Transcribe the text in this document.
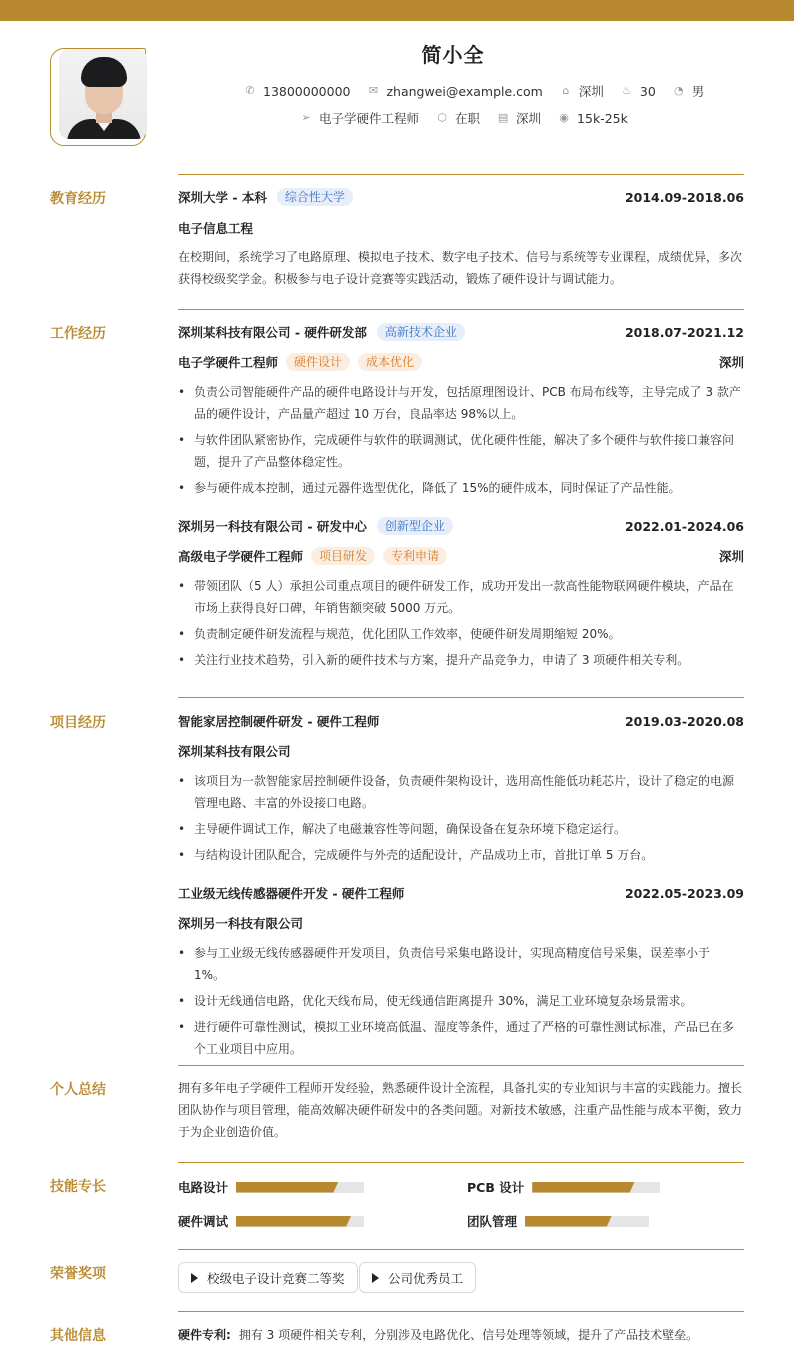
简小全
✆ 13800000000 ✉ zhangwei@example.com ⌂ 深圳 ♨ 30 ◔ 男
➢ 电子学硬件工程师 ⬡ 在职 ▤ 深圳 ◉ 15k-25k
教育经历	深圳大学 - 本科	综合性大学	2014.09-2018.06
电子信息工程
在校期间，系统学习了电路原理、模拟电子技术、数字电子技术、信号与系统等专业课程，成绩优异，多次获得校级奖学金。积极参与电子设计竞赛等实践活动，锻炼了硬件设计与调试能力。
工作经历	深圳某科技有限公司 - 硬件研发部	高新技术企业	2018.07-2021.12
电子学硬件工程师	硬件设计	成本优化	深圳
• 负责公司智能硬件产品的硬件电路设计与开发，包括原理图设计、PCB 布局布线等，主导完成了 3 款产品的硬件设计，产品量产超过 10 万台，良品率达 98%以上。
• 与软件团队紧密协作，完成硬件与软件的联调测试，优化硬件性能，解决了多个硬件与软件接口兼容问题，提升了产品整体稳定性。
• 参与硬件成本控制，通过元器件选型优化，降低了 15%的硬件成本，同时保证了产品性能。
深圳另一科技有限公司 - 研发中心	创新型企业	2022.01-2024.06
高级电子学硬件工程师	项目研发	专利申请	深圳
• 带领团队（5 人）承担公司重点项目的硬件研发工作，成功开发出一款高性能物联网硬件模块，产品在市场上获得良好口碑，年销售额突破 5000 万元。
• 负责制定硬件研发流程与规范，优化团队工作效率，使硬件研发周期缩短 20%。
• 关注行业技术趋势，引入新的硬件技术与方案，提升产品竞争力，申请了 3 项硬件相关专利。
项目经历	智能家居控制硬件研发 - 硬件工程师	2019.03-2020.08
深圳某科技有限公司
• 该项目为一款智能家居控制硬件设备，负责硬件架构设计，选用高性能低功耗芯片，设计了稳定的电源管理电路、丰富的外设接口电路。
• 主导硬件调试工作，解决了电磁兼容性等问题，确保设备在复杂环境下稳定运行。
• 与结构设计团队配合，完成硬件与外壳的适配设计，产品成功上市，首批订单 5 万台。
工业级无线传感器硬件开发 - 硬件工程师	2022.05-2023.09
深圳另一科技有限公司
• 参与工业级无线传感器硬件开发项目，负责信号采集电路设计，实现高精度信号采集，误差率小于 1%。
• 设计无线通信电路，优化天线布局，使无线通信距离提升 30%，满足工业环境复杂场景需求。
• 进行硬件可靠性测试，模拟工业环境高低温、湿度等条件，通过了严格的可靠性测试标准，产品已在多个工业项目中应用。
个人总结	拥有多年电子学硬件工程师开发经验，熟悉硬件设计全流程，具备扎实的专业知识与丰富的实践能力。擅长团队协作与项目管理，能高效解决硬件研发中的各类问题。对新技术敏感，注重产品性能与成本平衡，致力于为企业创造价值。
技能专长	电路设计	PCB 设计
硬件调试	团队管理
荣誉奖项	校级电子设计竞赛二等奖	公司优秀员工
其他信息	硬件专利: 拥有 3 项硬件相关专利，分别涉及电路优化、信号处理等领域，提升了产品技术壁垒。
